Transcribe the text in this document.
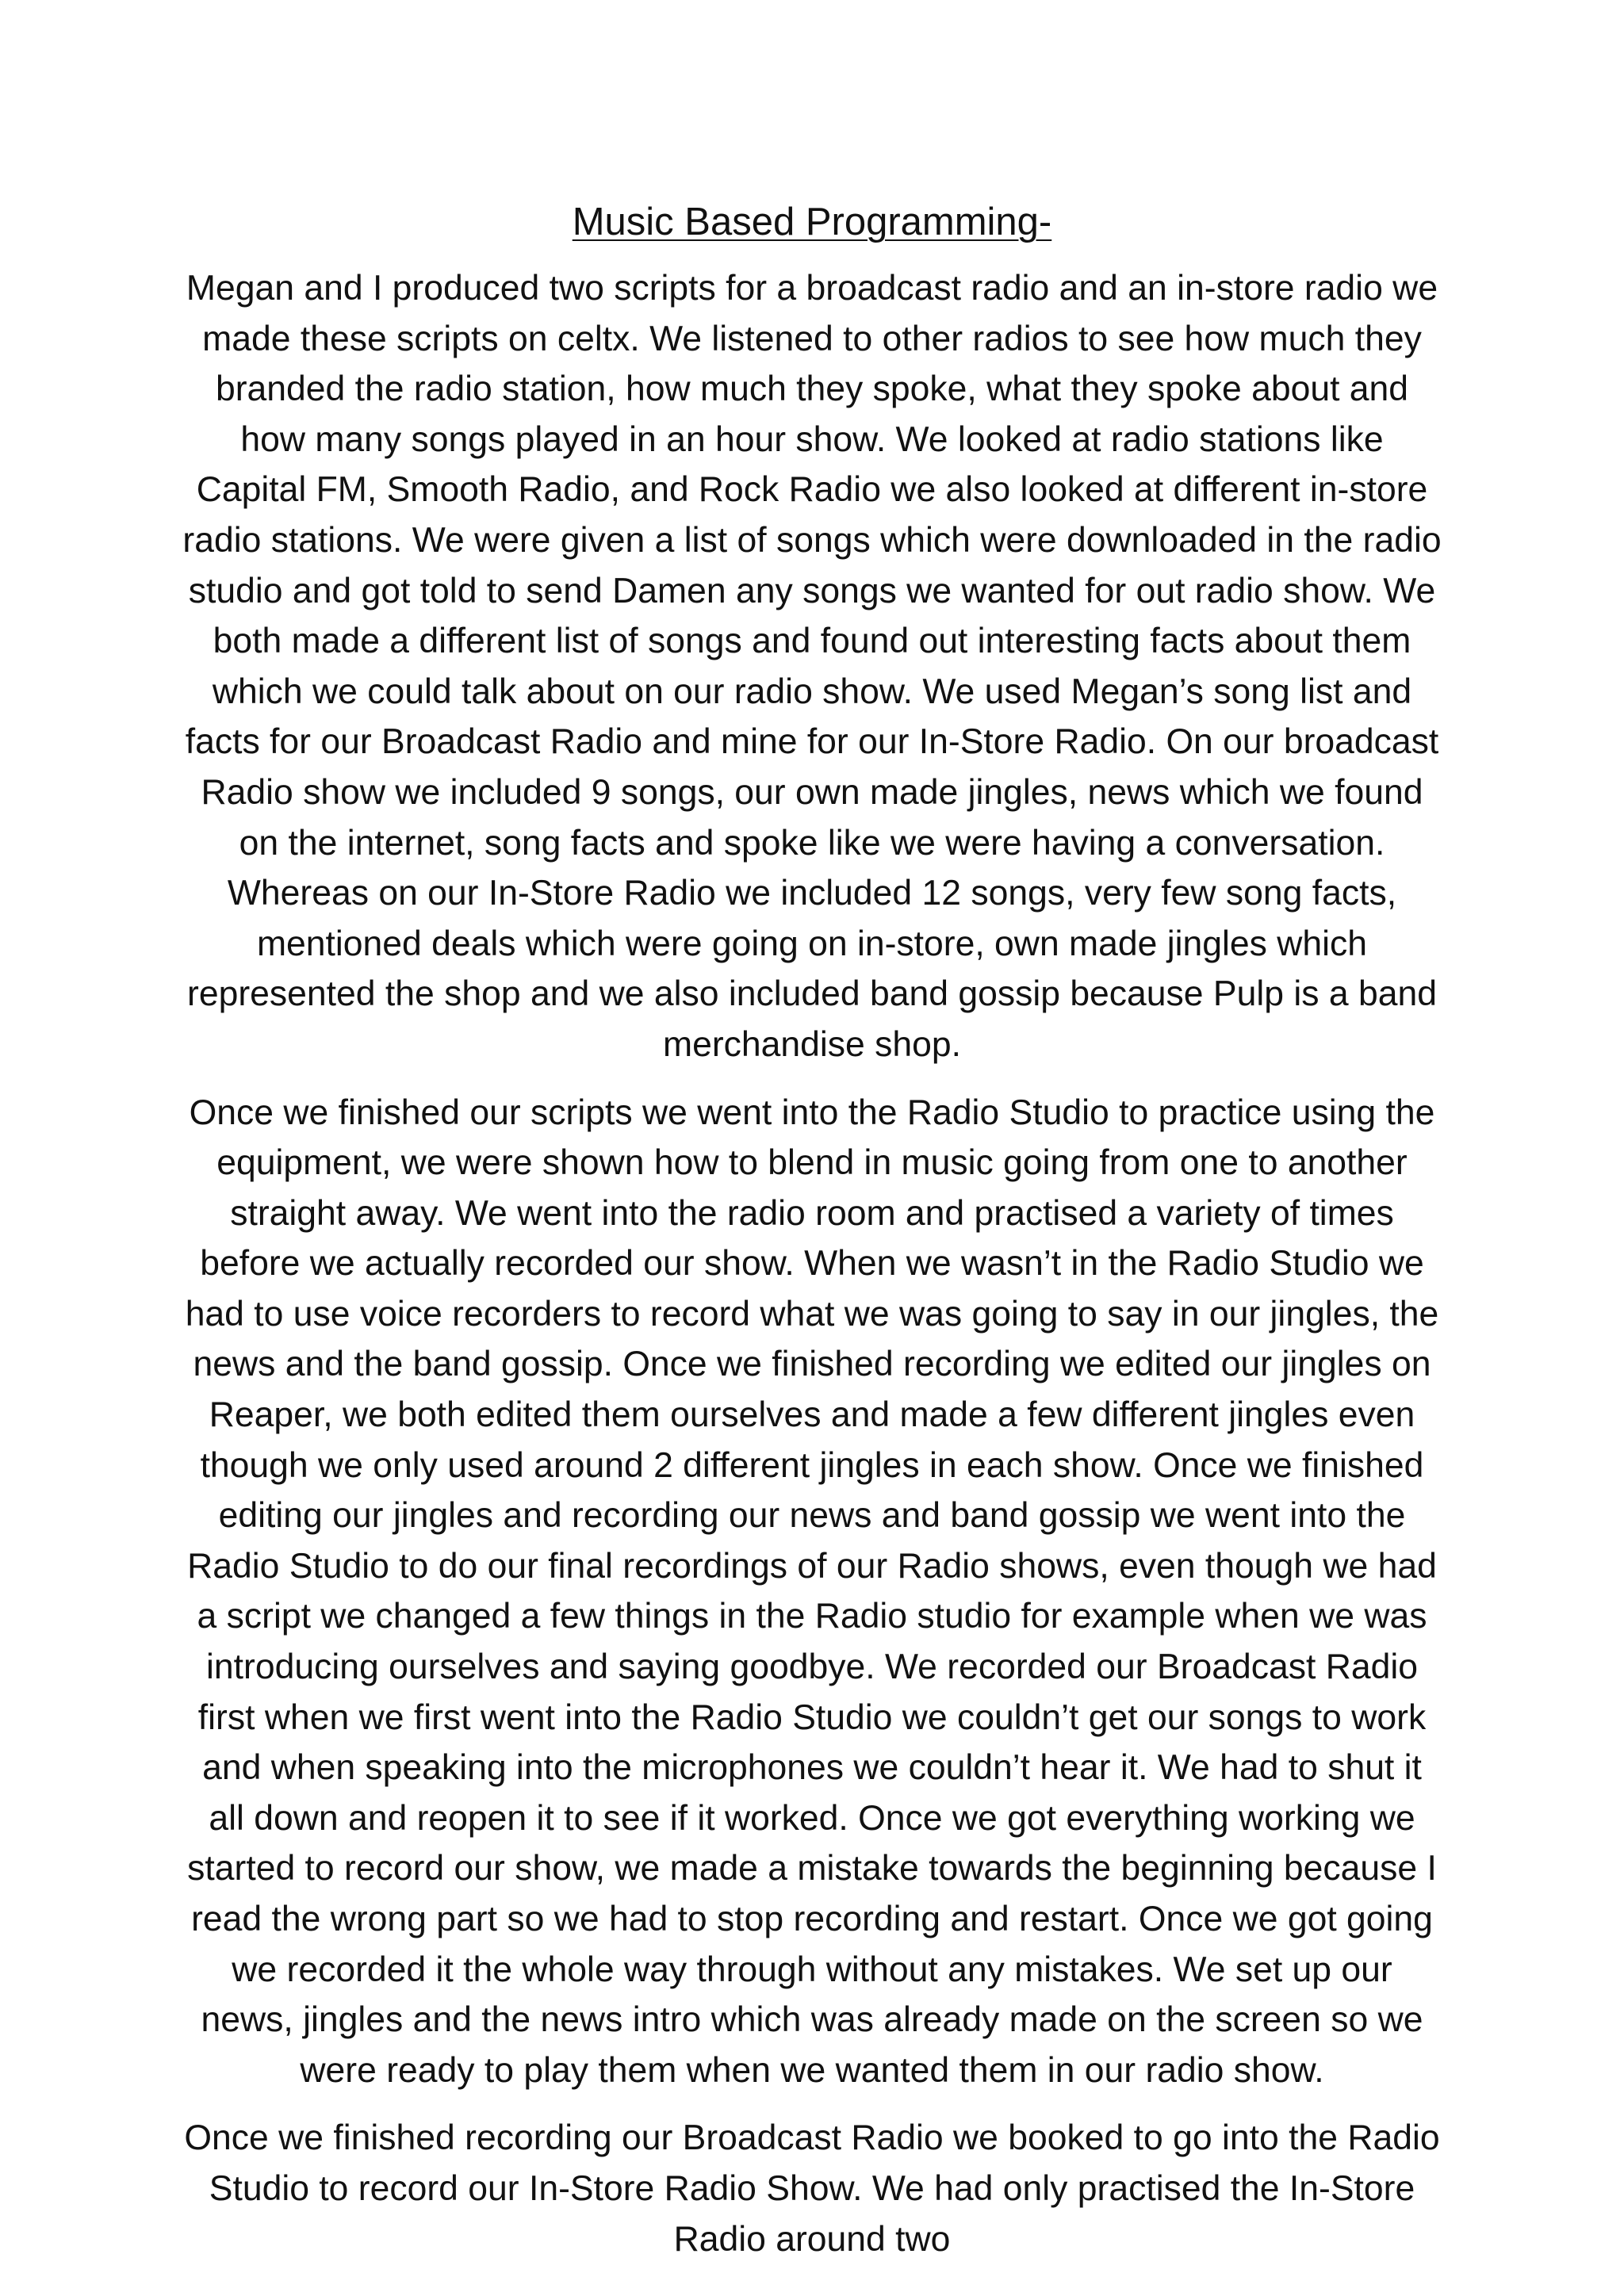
Music Based Programming-

Megan and I produced two scripts for a broadcast radio and an in-store radio we made these scripts on celtx. We listened to other radios to see how much they branded the radio station, how much they spoke, what they spoke about and how many songs played in an hour show. We looked at radio stations like Capital FM, Smooth Radio, and Rock Radio we also looked at different in-store radio stations. We were given a list of songs which were downloaded in the radio studio and got told to send Damen any songs we wanted for out radio show. We both made a different list of songs and found out interesting facts about them which we could talk about on our radio show. We used Megan’s song list and facts for our Broadcast Radio and mine for our In-Store Radio. On our broadcast Radio show we included 9 songs, our own made jingles, news which we found on the internet, song facts and spoke like we were having a conversation. Whereas on our In-Store Radio we included 12 songs, very few song facts, mentioned deals which were going on in-store, own made jingles which represented the shop and we also included band gossip because Pulp is a band merchandise shop.

Once we finished our scripts we went into the Radio Studio to practice using the equipment, we were shown how to blend in music going from one to another straight away. We went into the radio room and practised a variety of times before we actually recorded our show. When we wasn’t in the Radio Studio we had to use voice recorders to record what we was going to say in our jingles, the news and the band gossip. Once we finished recording we edited our jingles on Reaper, we both edited them ourselves and made a few different jingles even though we only used around 2 different jingles in each show. Once we finished editing our jingles and recording our news and band gossip we went into the Radio Studio to do our final recordings of our Radio shows, even though we had a script we changed a few things in the Radio studio for example when we was introducing ourselves and saying goodbye. We recorded our Broadcast Radio first when we first went into the Radio Studio we couldn’t get our songs to work and when speaking into the microphones we couldn’t hear it. We had to shut it all down and reopen it to see if it worked. Once we got everything working we started to record our show, we made a mistake towards the beginning because I read the wrong part so we had to stop recording and restart. Once we got going we recorded it the whole way through without any mistakes. We set up our news, jingles and the news intro which was already made on the screen so we were ready to play them when we wanted them in our radio show.

Once we finished recording our Broadcast Radio we booked to go into the Radio Studio to record our In-Store Radio Show. We had only practised the In-Store Radio around two
